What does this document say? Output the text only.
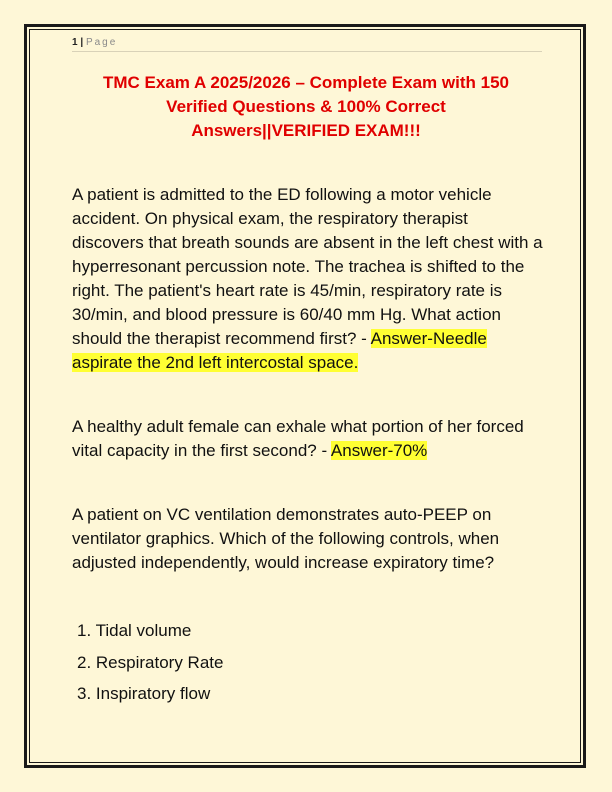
1 | Page
TMC Exam A 2025/2026 – Complete Exam with 150
Verified Questions & 100% Correct
Answers||VERIFIED EXAM!!!
A patient is admitted to the ED following a motor vehicle accident. On physical exam, the respiratory therapist discovers that breath sounds are absent in the left chest with a hyperresonant percussion note. The trachea is shifted to the right. The patient's heart rate is 45/min, respiratory rate is 30/min, and blood pressure is 60/40 mm Hg. What action should the therapist recommend first? - Answer-Needle aspirate the 2nd left intercostal space.
A healthy adult female can exhale what portion of her forced vital capacity in the first second? - Answer-70%
A patient on VC ventilation demonstrates auto-PEEP on ventilator graphics. Which of the following controls, when adjusted independently, would increase expiratory time?
1. Tidal volume
2. Respiratory Rate
3. Inspiratory flow
